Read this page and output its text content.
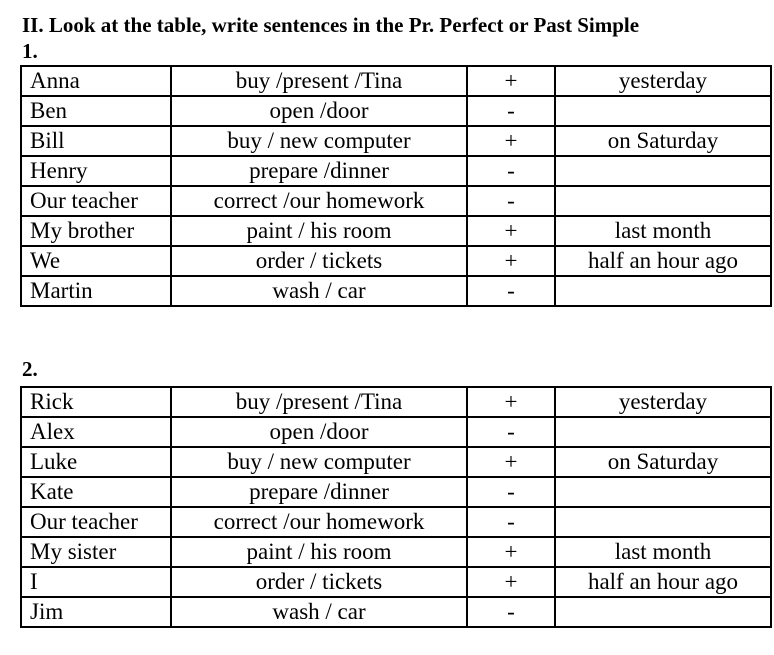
II. Look at the table, write sentences in the Pr. Perfect or Past Simple
1.
Anna	buy /present /Tina	+	yesterday
Ben	open /door	-	
Bill	buy / new computer	+	on Saturday
Henry	prepare /dinner	-	
Our teacher	correct /our homework	-	
My brother	paint / his room	+	last month
We	order / tickets	+	half an hour ago
Martin	wash / car	-	
2.
Rick	buy /present /Tina	+	yesterday
Alex	open /door	-	
Luke	buy / new computer	+	on Saturday
Kate	prepare /dinner	-	
Our teacher	correct /our homework	-	
My sister	paint / his room	+	last month
I	order / tickets	+	half an hour ago
Jim	wash / car	-	
